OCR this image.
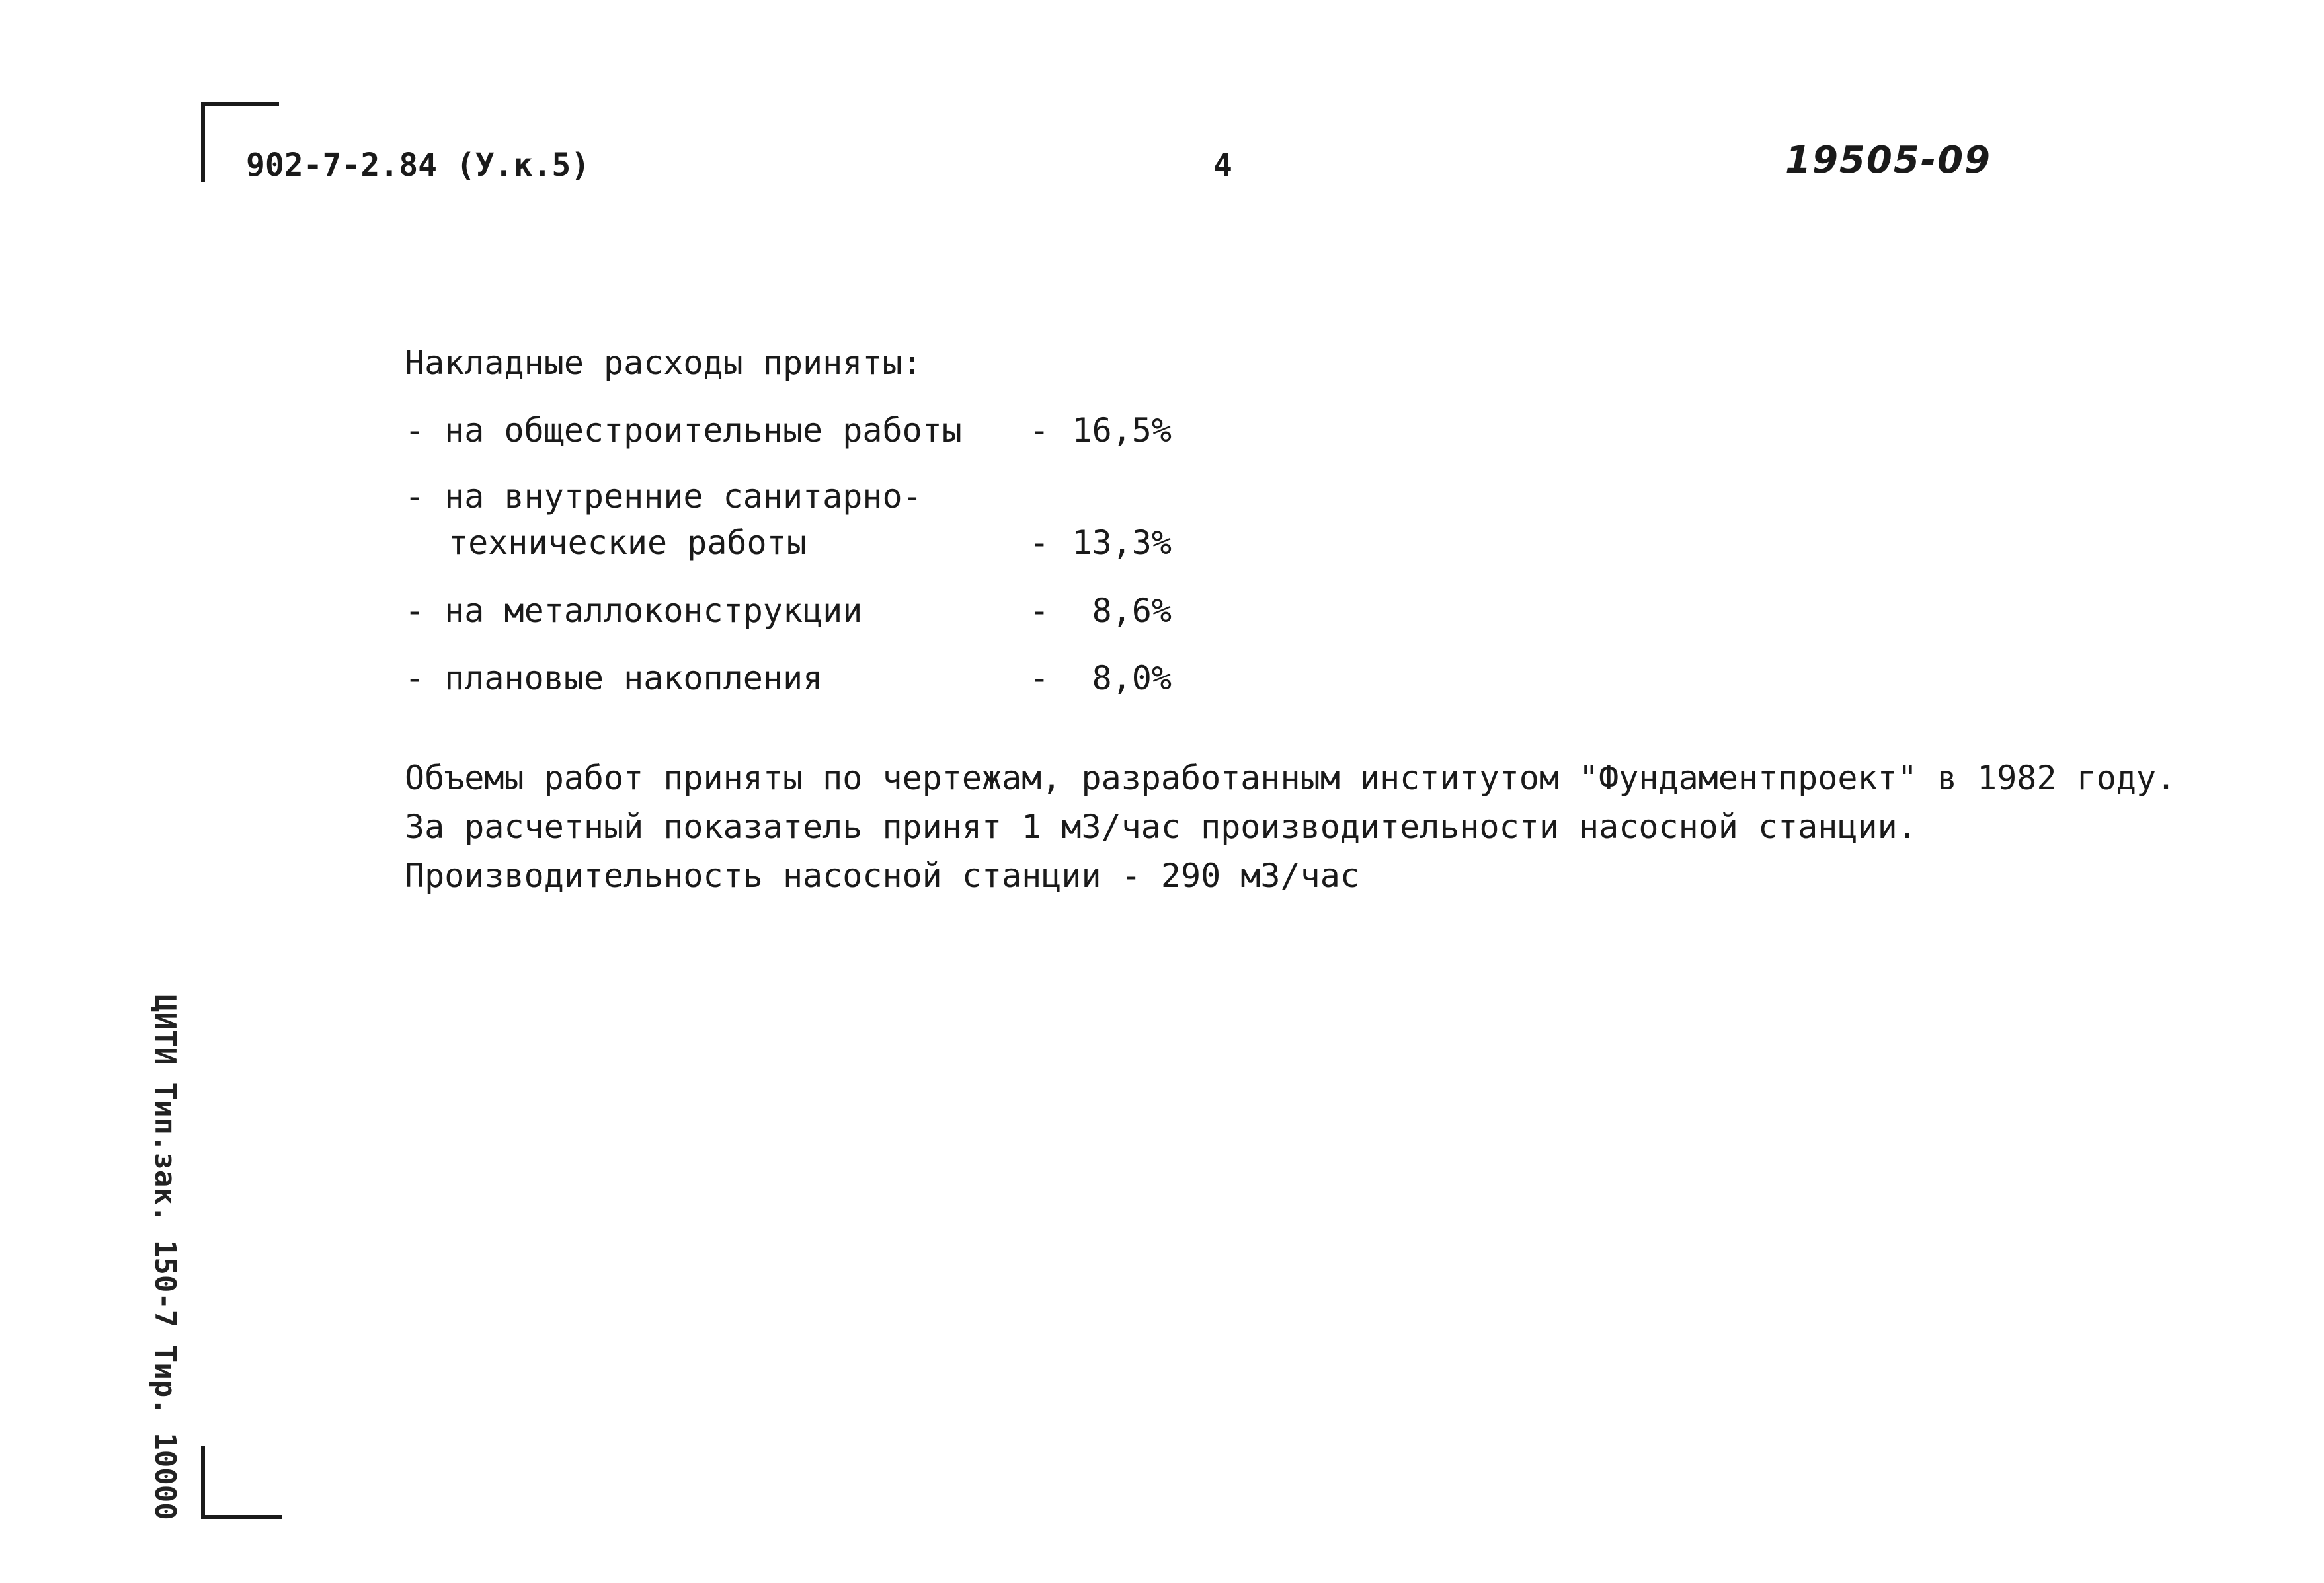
902-7-2.84 (У.к.5)	4	19505-09
Накладные расходы приняты:
- на общестроительные работы - 16,5%
- на внутренние санитарно-
технические работы	- 13,3%
- на металлоконструкции	- 8,6%
- плановые накопления	- 8,0%
Объемы работ приняты по чертежам, разработанным институтом "Фундаментпроект" в 1982 году.
За расчетный показатель принят 1 м3/час производительности насосной станции.
Производительность насосной станции - 290 м3/час
ЦИТИ Тип.зак. 150-7 Тир. 10000
